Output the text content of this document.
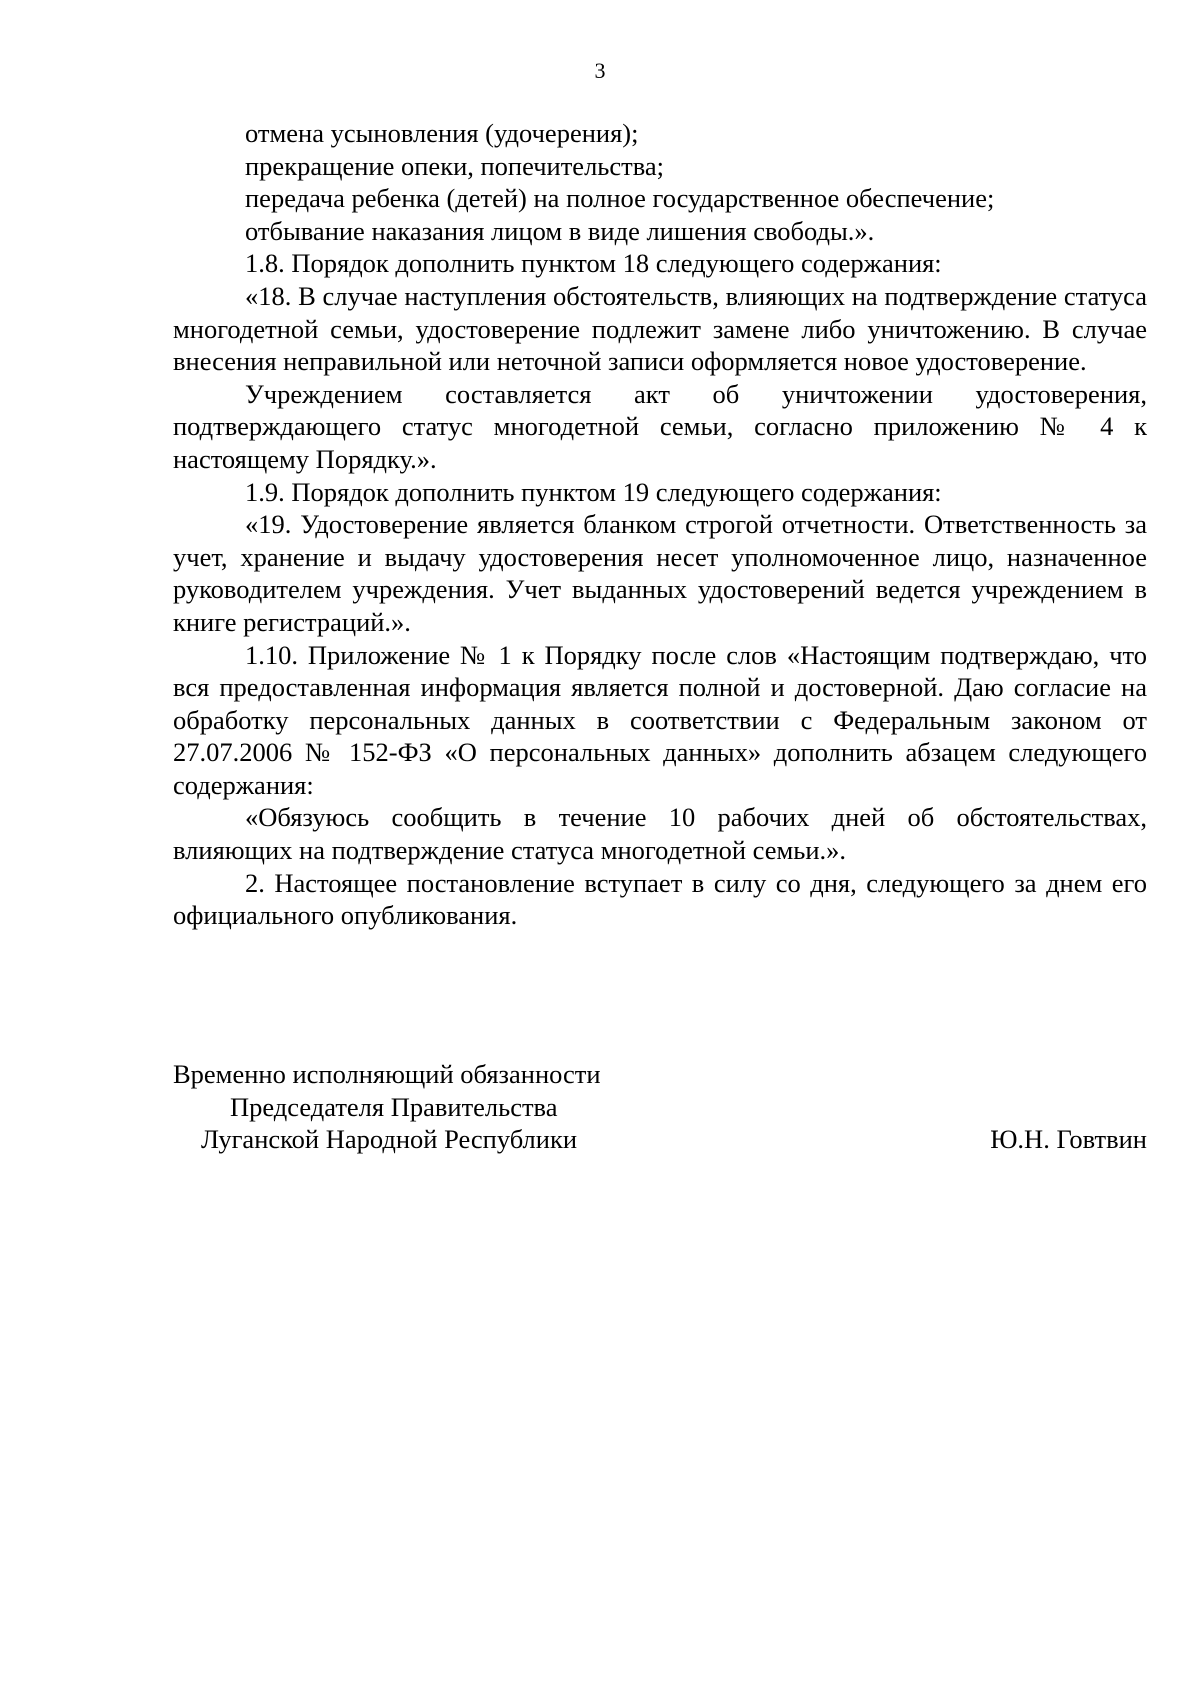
3

отмена усыновления (удочерения);

прекращение опеки, попечительства;

передача ребенка (детей) на полное государственное обеспечение;

отбывание наказания лицом в виде лишения свободы.».

1.8. Порядок дополнить пунктом 18 следующего содержания:

«18. В случае наступления обстоятельств, влияющих на подтверждение статуса многодетной семьи, удостоверение подлежит замене либо уничтожению. В случае внесения неправильной или неточной записи оформляется новое удостоверение.

Учреждением составляется акт об уничтожении удостоверения, подтверждающего статус многодетной семьи, согласно приложению № 4 к настоящему Порядку.».

1.9. Порядок дополнить пунктом 19 следующего содержания:

«19. Удостоверение является бланком строгой отчетности. Ответственность за учет, хранение и выдачу удостоверения несет уполномоченное лицо, назначенное руководителем учреждения. Учет выданных удостоверений ведется учреждением в книге регистраций.».

1.10. Приложение № 1 к Порядку после слов «Настоящим подтверждаю, что вся предоставленная информация является полной и достоверной. Даю согласие на обработку персональных данных в соответствии с Федеральным законом от 27.07.2006 № 152-ФЗ «О персональных данных» дополнить абзацем следующего содержания:

«Обязуюсь сообщить в течение 10 рабочих дней об обстоятельствах, влияющих на подтверждение статуса многодетной семьи.».

2. Настоящее постановление вступает в силу со дня, следующего за днем его официального опубликования.

Временно исполняющий обязанности
Председателя Правительства
Луганской Народной Республики	Ю.Н. Говтвин
